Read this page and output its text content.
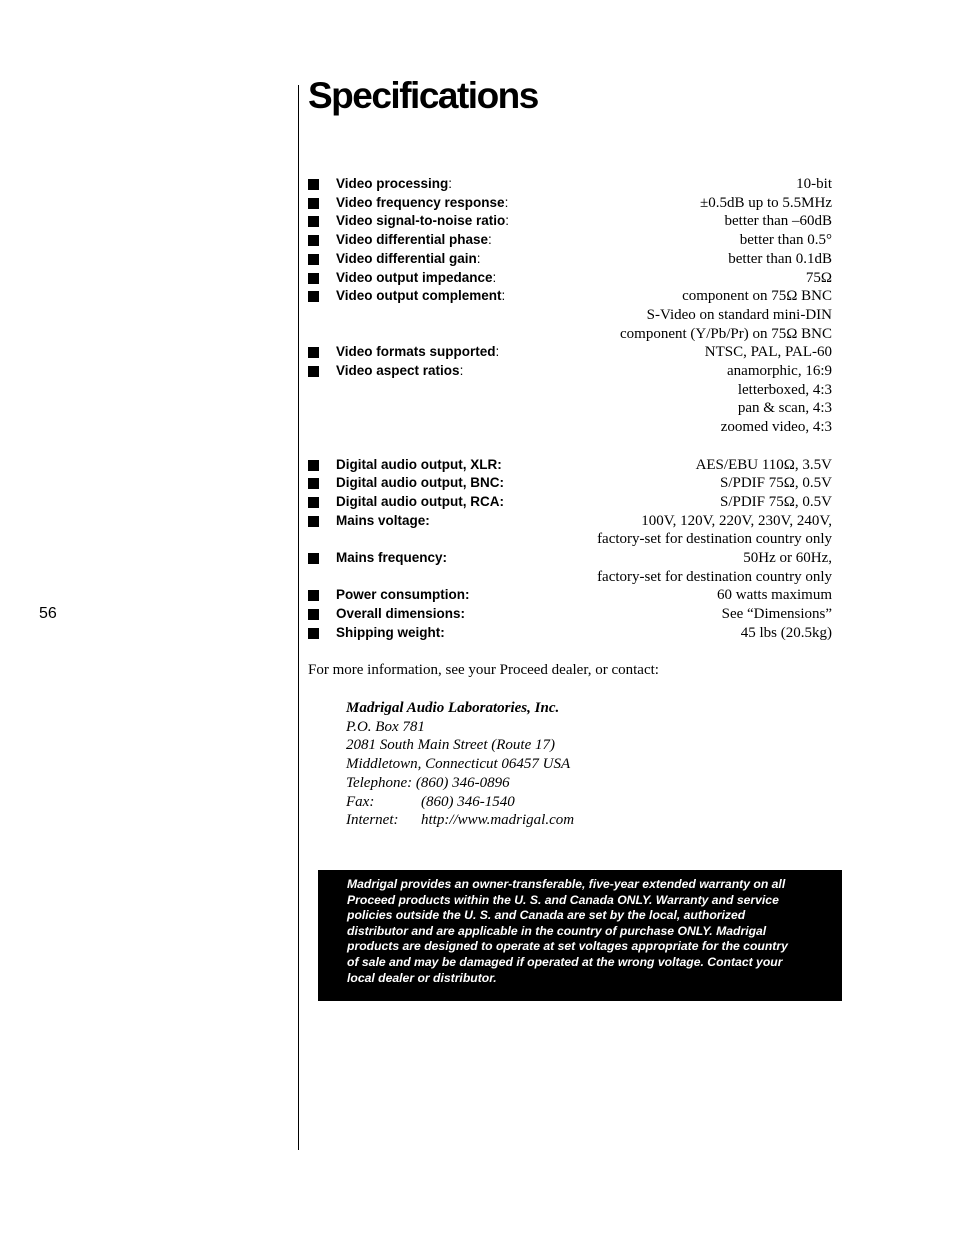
Specifications
56
Video processing:	10-bit
Video frequency response:	±0.5dB up to 5.5MHz
Video signal-to-noise ratio:	better than –60dB
Video differential phase:	better than 0.5°
Video differential gain:	better than 0.1dB
Video output impedance:	75Ω
Video output complement:	component on 75Ω BNC
S-Video on standard mini-DIN
component (Y/Pb/Pr) on 75Ω BNC
Video formats supported:	NTSC, PAL, PAL-60
Video aspect ratios:	anamorphic, 16:9
letterboxed, 4:3
pan & scan, 4:3
zoomed video, 4:3
Digital audio output, XLR:	AES/EBU 110Ω, 3.5V
Digital audio output, BNC:	S/PDIF 75Ω, 0.5V
Digital audio output, RCA:	S/PDIF 75Ω, 0.5V
Mains voltage:	100V, 120V, 220V, 230V, 240V,
factory-set for destination country only
Mains frequency:	50Hz or 60Hz,
factory-set for destination country only
Power consumption:	60 watts maximum
Overall dimensions:	See “Dimensions”
Shipping weight:	45 lbs (20.5kg)
For more information, see your Proceed dealer, or contact:
Madrigal Audio Laboratories, Inc.
P.O. Box 781
2081 South Main Street (Route 17)
Middletown, Connecticut 06457 USA
Telephone: (860) 346-0896
Fax:	(860) 346-1540
Internet: http://www.madrigal.com
Madrigal provides an owner-transferable, five-year extended warranty on all
Proceed products within the U. S. and Canada ONLY. Warranty and service
policies outside the U. S. and Canada are set by the local, authorized
distributor and are applicable in the country of purchase ONLY. Madrigal
products are designed to operate at set voltages appropriate for the country
of sale and may be damaged if operated at the wrong voltage. Contact your
local dealer or distributor.
